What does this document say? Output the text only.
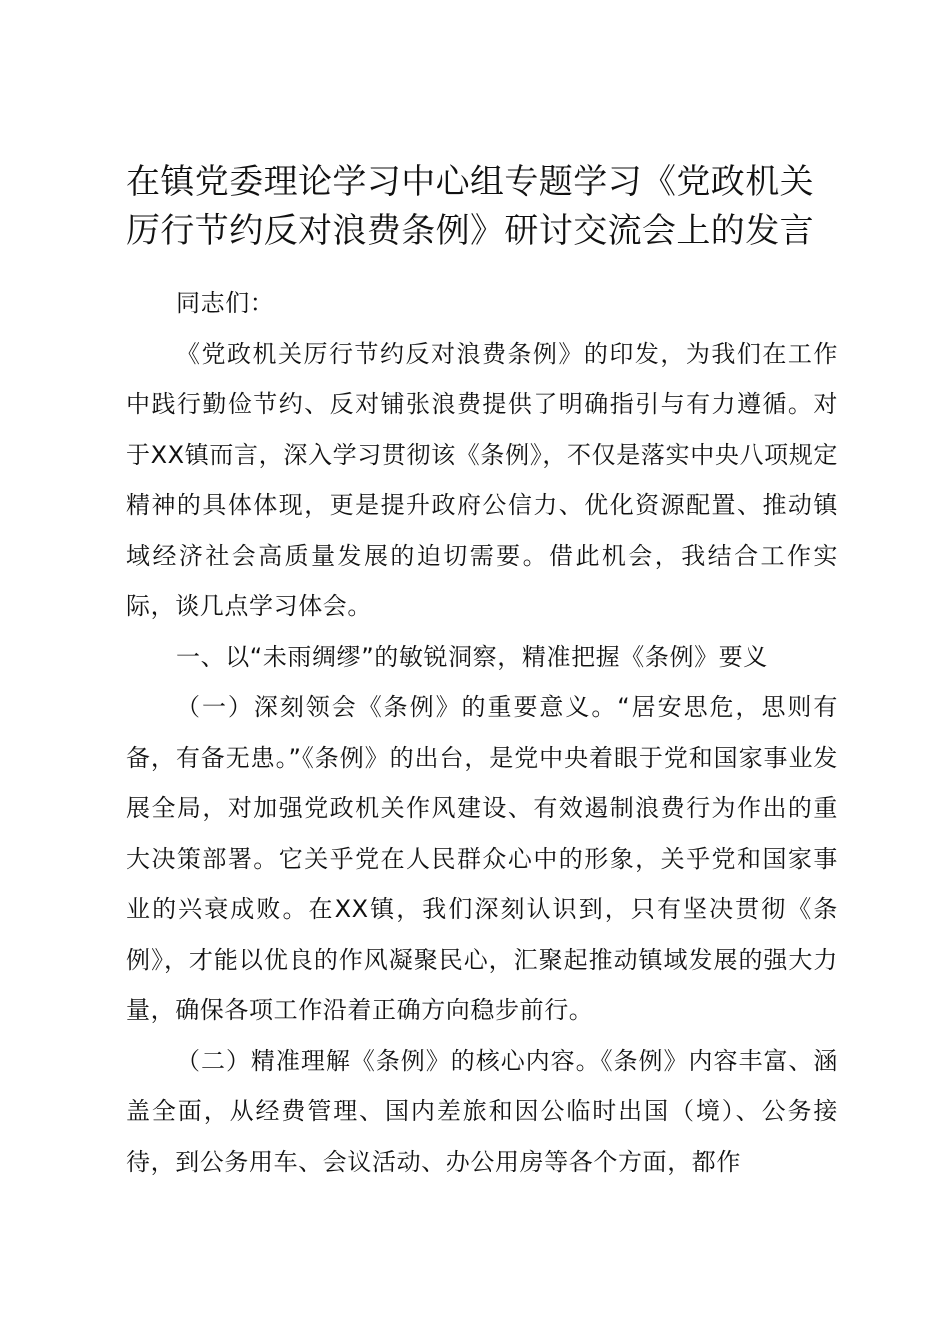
在镇党委理论学习中心组专题学习《党政机关厉行节约反对浪费条例》研讨交流会上的发言

同志们：

《党政机关厉行节约反对浪费条例》的印发，为我们在工作中践行勤俭节约、反对铺张浪费提供了明确指引与有力遵循。对于XX镇而言，深入学习贯彻该《条例》，不仅是落实中央八项规定精神的具体体现，更是提升政府公信力、优化资源配置、推动镇域经济社会高质量发展的迫切需要。借此机会，我结合工作实际，谈几点学习体会。

一、以“未雨绸缪”的敏锐洞察，精准把握《条例》要义

（一）深刻领会《条例》的重要意义。“居安思危，思则有备，有备无患。”《条例》的出台，是党中央着眼于党和国家事业发展全局，对加强党政机关作风建设、有效遏制浪费行为作出的重大决策部署。它关乎党在人民群众心中的形象，关乎党和国家事业的兴衰成败。在XX镇，我们深刻认识到，只有坚决贯彻《条例》，才能以优良的作风凝聚民心，汇聚起推动镇域发展的强大力量，确保各项工作沿着正确方向稳步前行。

（二）精准理解《条例》的核心内容。《条例》内容丰富、涵盖全面，从经费管理、国内差旅和因公临时出国（境）、公务接待，到公务用车、会议活动、办公用房等各个方面，都作
